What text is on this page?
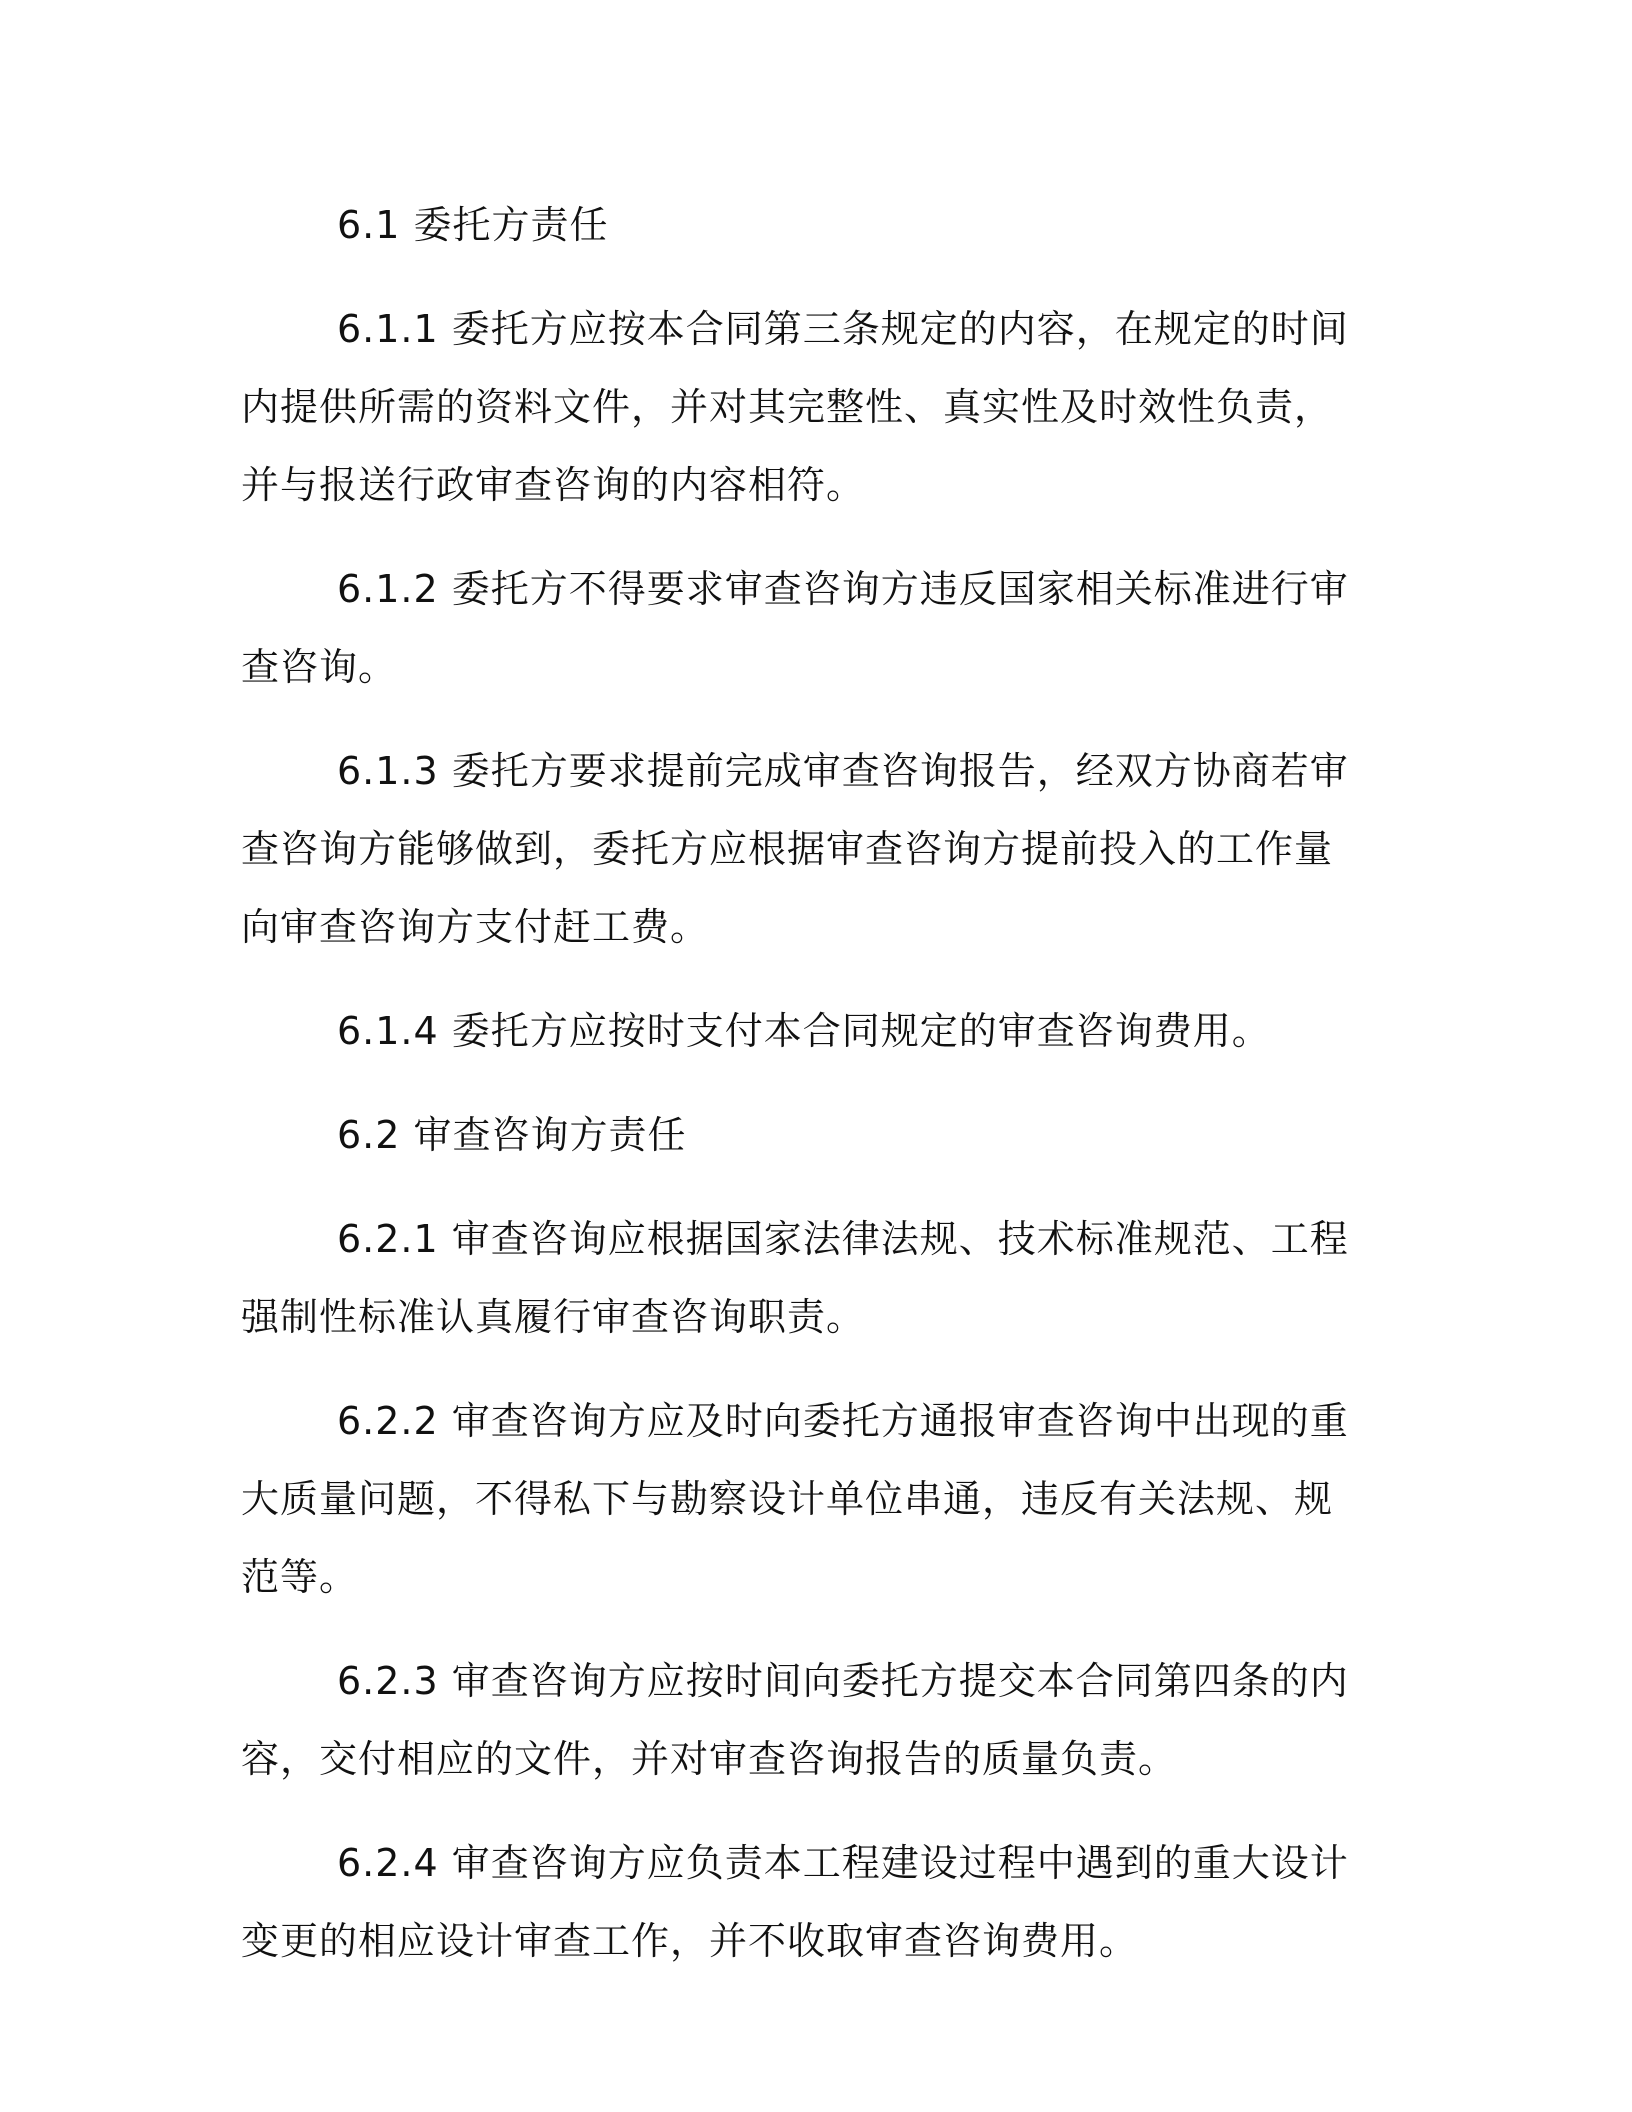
6.1 委托方责任

6.1.1 委托方应按本合同第三条规定的内容，在规定的时间内提供所需的资料文件，并对其完整性、真实性及时效性负责，并与报送行政审查咨询的内容相符。

6.1.2 委托方不得要求审查咨询方违反国家相关标准进行审查咨询。

6.1.3 委托方要求提前完成审查咨询报告，经双方协商若审查咨询方能够做到，委托方应根据审查咨询方提前投入的工作量向审查咨询方支付赶工费。

6.1.4 委托方应按时支付本合同规定的审查咨询费用。

6.2 审查咨询方责任

6.2.1 审查咨询应根据国家法律法规、技术标准规范、工程强制性标准认真履行审查咨询职责。

6.2.2 审查咨询方应及时向委托方通报审查咨询中出现的重大质量问题，不得私下与勘察设计单位串通，违反有关法规、规范等。

6.2.3 审查咨询方应按时间向委托方提交本合同第四条的内容，交付相应的文件，并对审查咨询报告的质量负责。

6.2.4 审查咨询方应负责本工程建设过程中遇到的重大设计变更的相应设计审查工作，并不收取审查咨询费用。
